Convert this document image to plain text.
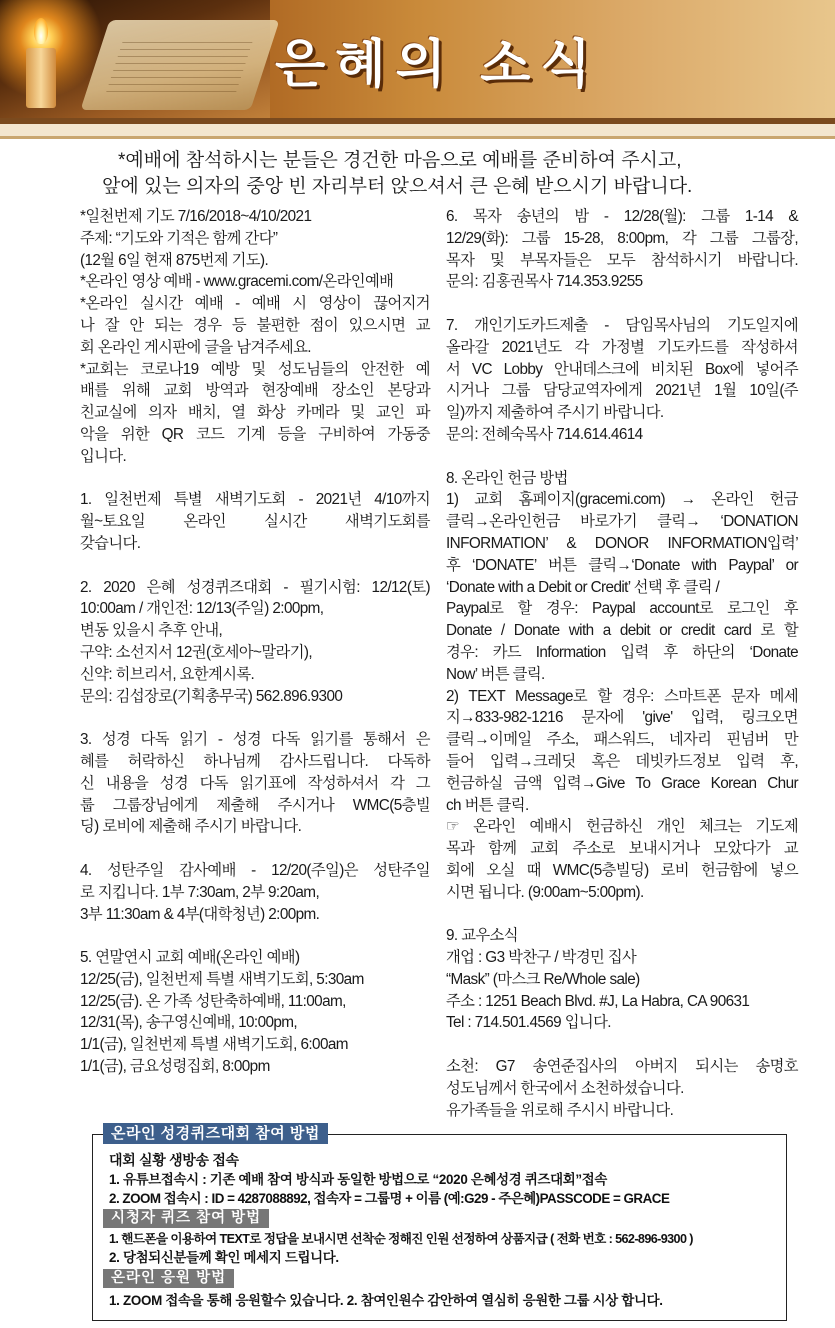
은혜의 소식

*예배에 참석하시는 분들은 경건한 마음으로 예배를 준비하여 주시고,

앞에 있는 의자의 중앙 빈 자리부터 앉으셔서 큰 은혜 받으시기 바랍니다.

*일천번제 기도 7/16/2018~4/10/2021

주제: “기도와 기적은 함께 간다”

(12월 6일 현재 875번제 기도).

*온라인 영상 예배 - www.gracemi.com/온라인예배

*온라인 실시간 예배 - 예배 시 영상이 끊어지거

나 잘 안 되는 경우 등 불편한 점이 있으시면 교

회 온라인 게시판에 글을 남겨주세요.

*교회는 코로나19 예방 및 성도님들의 안전한 예

배를 위해 교회 방역과 현장예배 장소인 본당과

친교실에 의자 배치, 열 화상 카메라 및 교인 파

악을 위한 QR 코드 기계 등을 구비하여 가동중

입니다.

1. 일천번제 특별 새벽기도회 - 2021년 4/10까지

월~토요일 온라인 실시간 새벽기도회를

갖습니다.

2. 2020 은혜 성경퀴즈대회 - 필기시험: 12/12(토)

10:00am / 개인전: 12/13(주일) 2:00pm,

변동 있을시 추후 안내,

구약: 소선지서 12권(호세아~말라기),

신약: 히브리서, 요한계시록.

문의: 김섭장로(기획총무국) 562.896.9300

3. 성경 다독 읽기 - 성경 다독 읽기를 통해서 은

혜를 허락하신 하나님께 감사드립니다. 다독하

신 내용을 성경 다독 읽기표에 작성하셔서 각 그

룹 그룹장님에게 제출해 주시거나 WMC(5층빌

딩) 로비에 제출해 주시기 바랍니다.

4. 성탄주일 감사예배 - 12/20(주일)은 성탄주일

로 지킵니다. 1부 7:30am, 2부 9:20am,

3부 11:30am & 4부(대학청년) 2:00pm.

5. 연말연시 교회 예배(온라인 예배)

12/25(금), 일천번제 특별 새벽기도회, 5:30am

12/25(금). 온 가족 성탄축하예배, 11:00am,

12/31(목), 송구영신예배, 10:00pm,

1/1(금), 일천번제 특별 새벽기도회, 6:00am

1/1(금), 금요성령집회, 8:00pm

6. 목자 송년의 밤 - 12/28(월): 그룹 1-14 &

12/29(화): 그룹 15-28, 8:00pm, 각 그룹 그룹장,

목자 및 부목자들은 모두 참석하시기 바랍니다.

문의: 김홍권목사 714.353.9255

7. 개인기도카드제출 - 담임목사님의 기도일지에

올라갈 2021년도 각 가정별 기도카드를 작성하셔

서 VC Lobby 안내데스크에 비치된 Box에 넣어주

시거나 그룹 담당교역자에게 2021년 1월 10일(주

일)까지 제출하여 주시기 바랍니다.

문의: 전혜숙목사 714.614.4614

8. 온라인 헌금 방법

1) 교회 홈페이지(gracemi.com) → 온라인 헌금

클릭→온라인헌금 바로가기 클릭→ ‘DONATION

INFORMATION’ & DONOR INFORMATION입력’

후 ‘DONATE’ 버튼 클릭→‘Donate with Paypal’ or

‘Donate with a Debit or Credit’ 선택 후 클릭 /

Paypal로 할 경우: Paypal account로 로그인 후

Donate / Donate with a debit or credit card 로 할

경우: 카드 Information 입력 후 하단의 ‘Donate

Now’ 버튼 클릭.

2) TEXT Message로 할 경우: 스마트폰 문자 메세

지→833-982-1216 문자에 'give' 입력, 링크오면

클릭→이메일 주소, 패스워드, 네자리 핀넘버 만

들어 입력→크레딧 혹은 데빗카드정보 입력 후,

헌금하실 금액 입력→Give To Grace Korean Chur

ch 버튼 클릭.

☞ 온라인 예배시 헌금하신 개인 체크는 기도제

목과 함께 교회 주소로 보내시거나 모았다가 교

회에 오실 때 WMC(5층빌딩) 로비 헌금함에 넣으

시면 됩니다. (9:00am~5:00pm).

9. 교우소식

개업 : G3 박찬구 / 박경민 집사

“Mask” (마스크 Re/Whole sale)

주소 : 1251 Beach Blvd. #J, La Habra, CA 90631

Tel : 714.501.4569 입니다.

소천: G7 송연준집사의 아버지 되시는 송명호

성도님께서 한국에서 소천하셨습니다.

유가족들을 위로해 주시시 바랍니다.

온라인 성경퀴즈대회 참여 방법
대회 실황 생방송 접속
1. 유튜브접속시 : 기존 예배 참여 방식과 동일한 방법으로 “2020 은혜성경 퀴즈대회”접속
2. ZOOM 접속시 : ID = 4287088892, 접속자 = 그룹명 + 이름 (예:G29 - 주은혜)PASSCODE = GRACE
시청자 퀴즈 참여 방법
1. 핸드폰을 이용하여 TEXT로 정답을 보내시면 선착순 정해진 인원 선정하여 상품지급 ( 전화 번호 : 562-896-9300 )
2. 당첨되신분들께 확인 메세지 드립니다.
온라인 응원 방법
1. ZOOM 접속을 통해 응원할수 있습니다. 2. 참여인원수 감안하여 열심히 응원한 그룹 시상 합니다.
